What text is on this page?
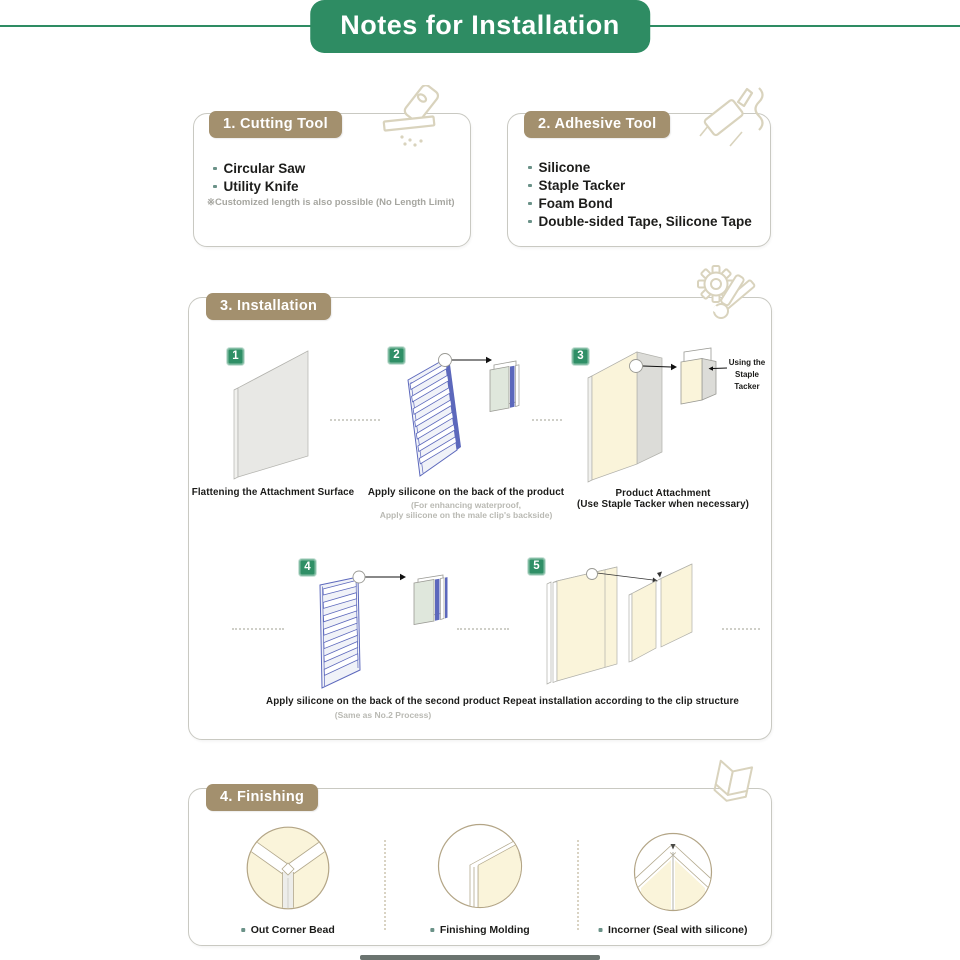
Notes for Installation
1. Cutting Tool
Circular Saw
Utility Knife
※Customized length is also possible (No Length Limit)
2. Adhesive Tool
Silicone
Staple Tacker
Foam Bond
Double-sided Tape, Silicone Tape
3. Installation
1
Flattening the Attachment Surface
2
Apply silicone on the back of the product
(For enhancing waterproof,
Apply silicone on the male clip's backside)
3
Using the Staple Tacker
Product Attachment
(Use Staple Tacker when necessary)
4
Apply silicone on the back of the second product
(Same as No.2 Process)
5
Repeat installation according to the clip structure
4. Finishing
Out Corner Bead	Finishing Molding	Incorner (Seal with silicone)
